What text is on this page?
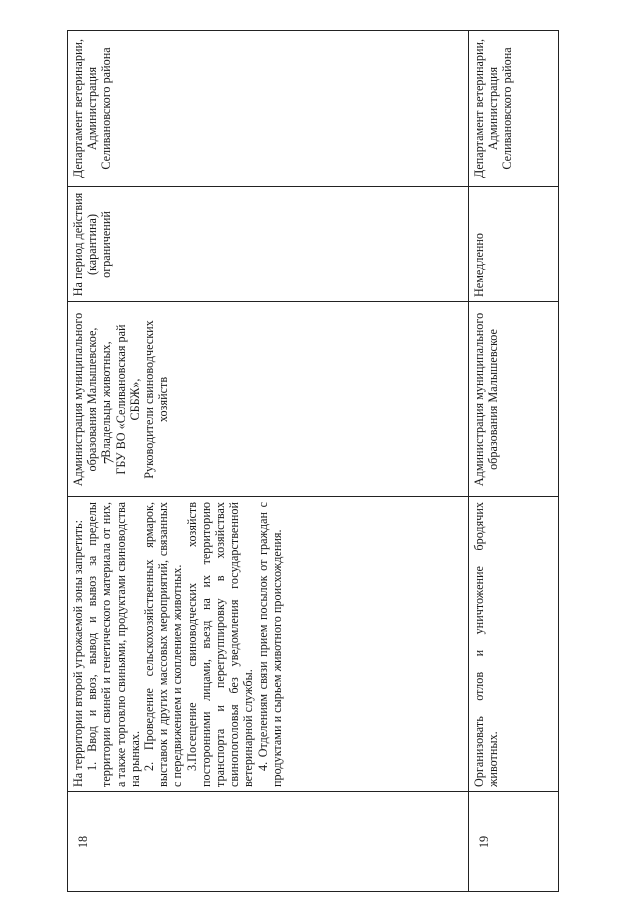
7
18
На территории второй угрожаемой зоны запретить: 1. Ввод и ввоз, вывод и вывоз за пределы территории свиней и генетического материала от них, а также торговлю свиньями, продуктами свиноводства на рынках. 2. Проведение сельскохозяйственных ярмарок, выставок и других массовых мероприятий, связанных с передвижением и скоплением животных. 3.Посещение свиноводческих хозяйств посторонними лицами, въезд на их территорию транспорта и перегруппировку в хозяйствах свинопоголовья без уведомления государственной ветеринарной службы. 4. Отделениям связи прием посылок от граждан с продуктами и сырьем животного происхождения.
Администрация муниципального образования Малышевское, Владельцы животных, ГБУ ВО «Селивановская рай СББЖ», Руководители свиноводческих хозяйств
На период действия (карантина) ограничений
Департамент ветеринарии, Администрация Селивановского района
19
Организовать отлов и уничтожение бродячих животных.
Администрация муниципального образования Малышевское
Немедленно
Департамент ветеринарии, Администрация Селивановского района
